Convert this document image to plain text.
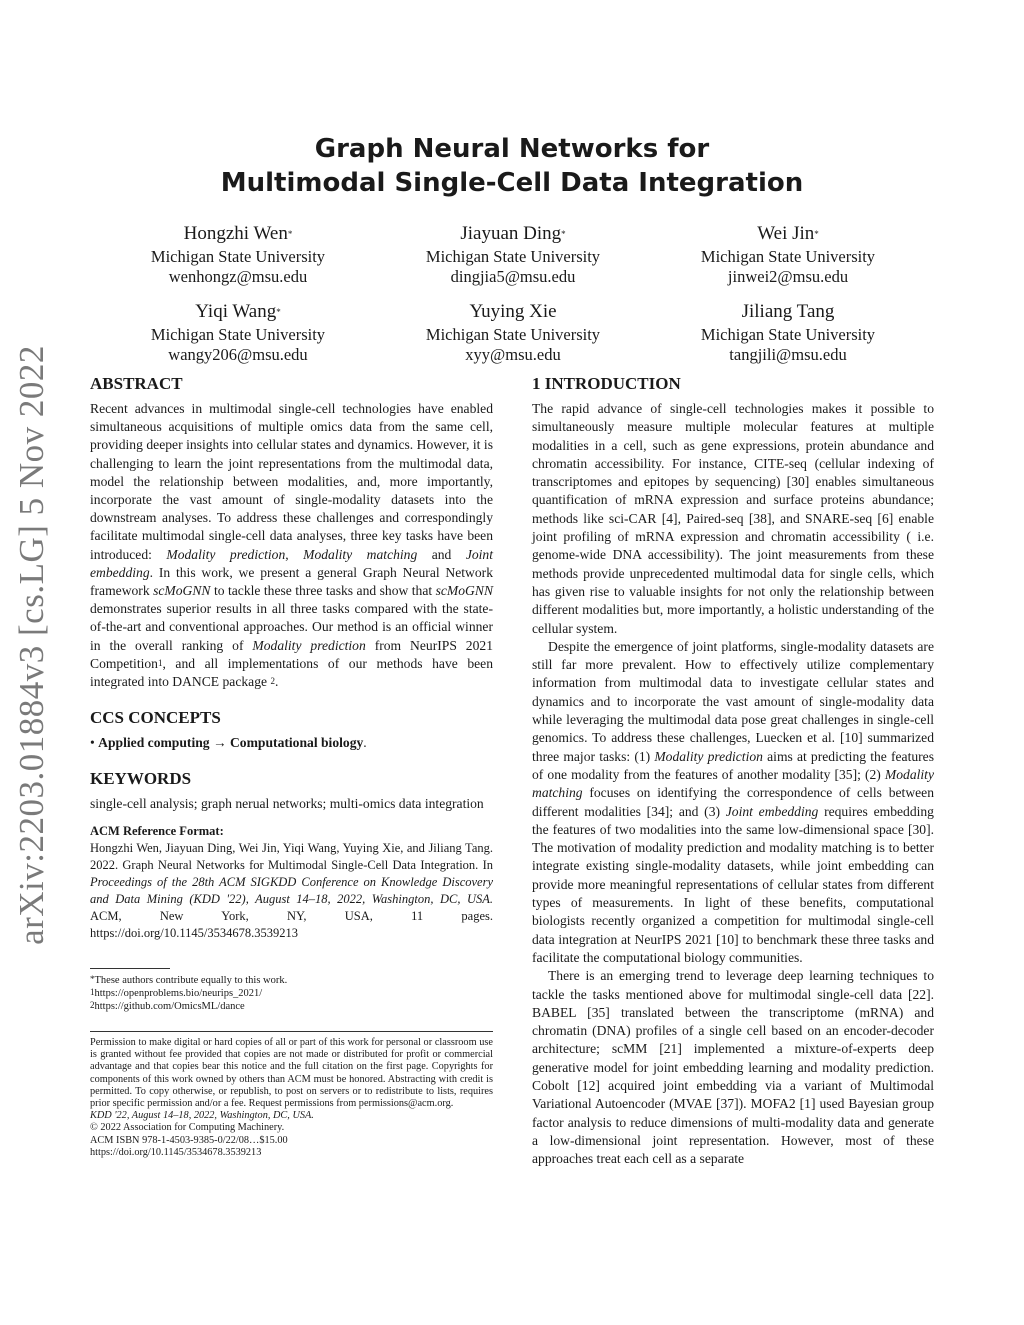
arXiv:2203.01884v3 [cs.LG] 5 Nov 2022
Graph Neural Networks for
Multimodal Single-Cell Data Integration
Hongzhi Wen*
Michigan State University
wenhongz@msu.edu
Jiayuan Ding*
Michigan State University
dingjia5@msu.edu
Wei Jin*
Michigan State University
jinwei2@msu.edu
Yiqi Wang*
Michigan State University
wangy206@msu.edu
Yuying Xie
Michigan State University
xyy@msu.edu
Jiliang Tang
Michigan State University
tangjili@msu.edu
ABSTRACT

Recent advances in multimodal single-cell technologies have enabled simultaneous acquisitions of multiple omics data from the same cell, providing deeper insights into cellular states and dynamics. However, it is challenging to learn the joint representations from the multimodal data, model the relationship between modalities, and, more importantly, incorporate the vast amount of single-modality datasets into the downstream analyses. To address these challenges and correspondingly facilitate multimodal single-cell data analyses, three key tasks have been introduced: Modality prediction, Modality matching and Joint embedding. In this work, we present a general Graph Neural Network framework scMoGNN to tackle these three tasks and show that scMoGNN demonstrates superior results in all three tasks compared with the state-of-the-art and conventional approaches. Our method is an official winner in the overall ranking of Modality prediction from NeurIPS 2021 Competition$^1$, and all implementations of our methods have been integrated into DANCE package $^2$.

CCS CONCEPTS

• Applied computing → Computational biology.

KEYWORDS

single-cell analysis; graph nerual networks; multi-omics data integration

ACM Reference Format:
Hongzhi Wen, Jiayuan Ding, Wei Jin, Yiqi Wang, Yuying Xie, and Jiliang Tang. 2022. Graph Neural Networks for Multimodal Single-Cell Data Integration. In Proceedings of the 28th ACM SIGKDD Conference on Knowledge Discovery and Data Mining (KDD '22), August 14–18, 2022, Washington, DC, USA. ACM, New York, NY, USA, 11 pages. https://doi.org/10.1145/3534678.3539213

*These authors contribute equally to this work.
$^1$https://openproblems.bio/neurips_2021/
$^2$https://github.com/OmicsML/dance

Permission to make digital or hard copies of all or part of this work for personal or classroom use is granted without fee provided that copies are not made or distributed for profit or commercial advantage and that copies bear this notice and the full citation on the first page. Copyrights for components of this work owned by others than ACM must be honored. Abstracting with credit is permitted. To copy otherwise, or republish, to post on servers or to redistribute to lists, requires prior specific permission and/or a fee. Request permissions from permissions@acm.org.

KDD '22, August 14–18, 2022, Washington, DC, USA.

© 2022 Association for Computing Machinery.

ACM ISBN 978-1-4503-9385-0/22/08…$15.00

https://doi.org/10.1145/3534678.3539213

1 INTRODUCTION

The rapid advance of single-cell technologies makes it possible to simultaneously measure multiple molecular features at multiple modalities in a cell, such as gene expressions, protein abundance and chromatin accessibility. For instance, CITE-seq (cellular indexing of transcriptomes and epitopes by sequencing) [30] enables simultaneous quantification of mRNA expression and surface proteins abundance; methods like sci-CAR [4], Paired-seq [38], and SNARE-seq [6] enable joint profiling of mRNA expression and chromatin accessibility ( i.e. genome-wide DNA accessibility). The joint measurements from these methods provide unprecedented multimodal data for single cells, which has given rise to valuable insights for not only the relationship between different modalities but, more importantly, a holistic understanding of the cellular system.

Despite the emergence of joint platforms, single-modality datasets are still far more prevalent. How to effectively utilize complementary information from multimodal data to investigate cellular states and dynamics and to incorporate the vast amount of single-modality data while leveraging the multimodal data pose great challenges in single-cell genomics. To address these challenges, Luecken et al. [10] summarized three major tasks: (1) Modality prediction aims at predicting the features of one modality from the features of another modality [35]; (2) Modality matching focuses on identifying the correspondence of cells between different modalities [34]; and (3) Joint embedding requires embedding the features of two modalities into the same low-dimensional space [30]. The motivation of modality prediction and modality matching is to better integrate existing single-modality datasets, while joint embedding can provide more meaningful representations of cellular states from different types of measurements. In light of these benefits, computational biologists recently organized a competition for multimodal single-cell data integration at NeurIPS 2021 [10] to benchmark these three tasks and facilitate the computational biology communities.

There is an emerging trend to leverage deep learning techniques to tackle the tasks mentioned above for multimodal single-cell data [22]. BABEL [35] translated between the transcriptome (mRNA) and chromatin (DNA) profiles of a single cell based on an encoder-decoder architecture; scMM [21] implemented a mixture-of-experts deep generative model for joint embedding learning and modality prediction. Cobolt [12] acquired joint embedding via a variant of Multimodal Variational Autoencoder (MVAE [37]). MOFA2 [1] used Bayesian group factor analysis to reduce dimensions of multi-modality data and generate a low-dimensional joint representation. However, most of these approaches treat each cell as a separate
